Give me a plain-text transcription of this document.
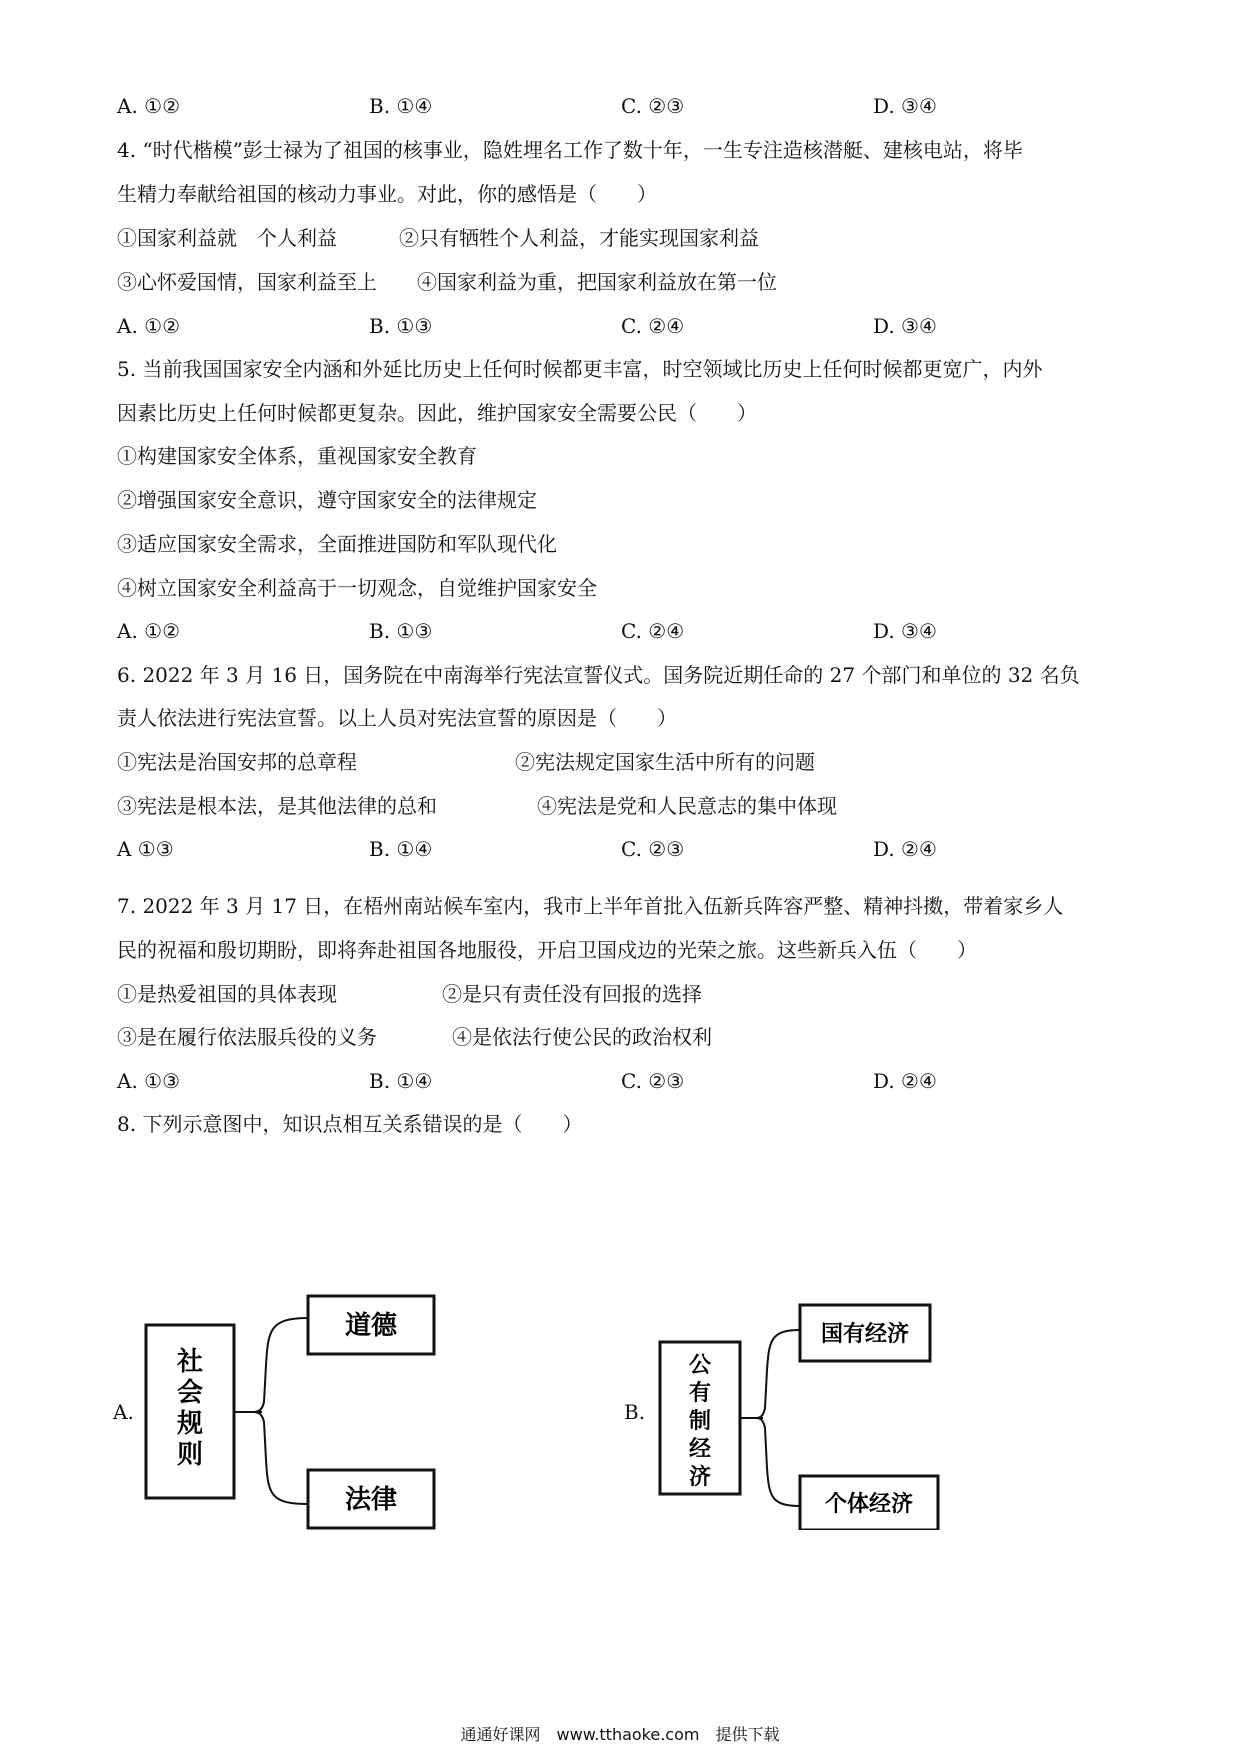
A. ①②	B. ①④	C. ②③	D. ③④
4. “时代楷模”彭士禄为了祖国的核事业，隐姓埋名工作了数十年，一生专注造核潜艇、建核电站，将毕
生精力奉献给祖国的核动力事业。对此，你的感悟是（　　）
①国家利益就　个人利益	②只有牺牲个人利益，才能实现国家利益
③心怀爱国情，国家利益至上 ④国家利益为重，把国家利益放在第一位
A. ①②	B. ①③	C. ②④	D. ③④
5. 当前我国国家安全内涵和外延比历史上任何时候都更丰富，时空领域比历史上任何时候都更宽广，内外
因素比历史上任何时候都更复杂。因此，维护国家安全需要公民（　　）
①构建国家安全体系，重视国家安全教育
②增强国家安全意识，遵守国家安全的法律规定
③适应国家安全需求，全面推进国防和军队现代化
④树立国家安全利益高于一切观念，自觉维护国家安全
A. ①②	B. ①③	C. ②④	D. ③④
6. 2022 年 3 月 16 日，国务院在中南海举行宪法宣誓仪式。国务院近期任命的 27 个部门和单位的 32 名负
责人依法进行宪法宣誓。以上人员对宪法宣誓的原因是（　　）
①宪法是治国安邦的总章程	②宪法规定国家生活中所有的问题
③宪法是根本法，是其他法律的总和	④宪法是党和人民意志的集中体现
A ①③	B. ①④	C. ②③	D. ②④
7. 2022 年 3 月 17 日，在梧州南站候车室内，我市上半年首批入伍新兵阵容严整、精神抖擞，带着家乡人
民的祝福和殷切期盼，即将奔赴祖国各地服役，开启卫国戍边的光荣之旅。这些新兵入伍（　　）
①是热爱祖国的具体表现	②是只有责任没有回报的选择
③是在履行依法服兵役的义务	④是依法行使公民的政治权利
A. ①③	B. ①④	C. ②③	D. ②④
8. 下列示意图中，知识点相互关系错误的是（　　）
A.
社
会
规
则
道德
法律
B.
公
有
制
经
济
国有经济
个体经济
通通好课网　www.tthaoke.com　提供下载
